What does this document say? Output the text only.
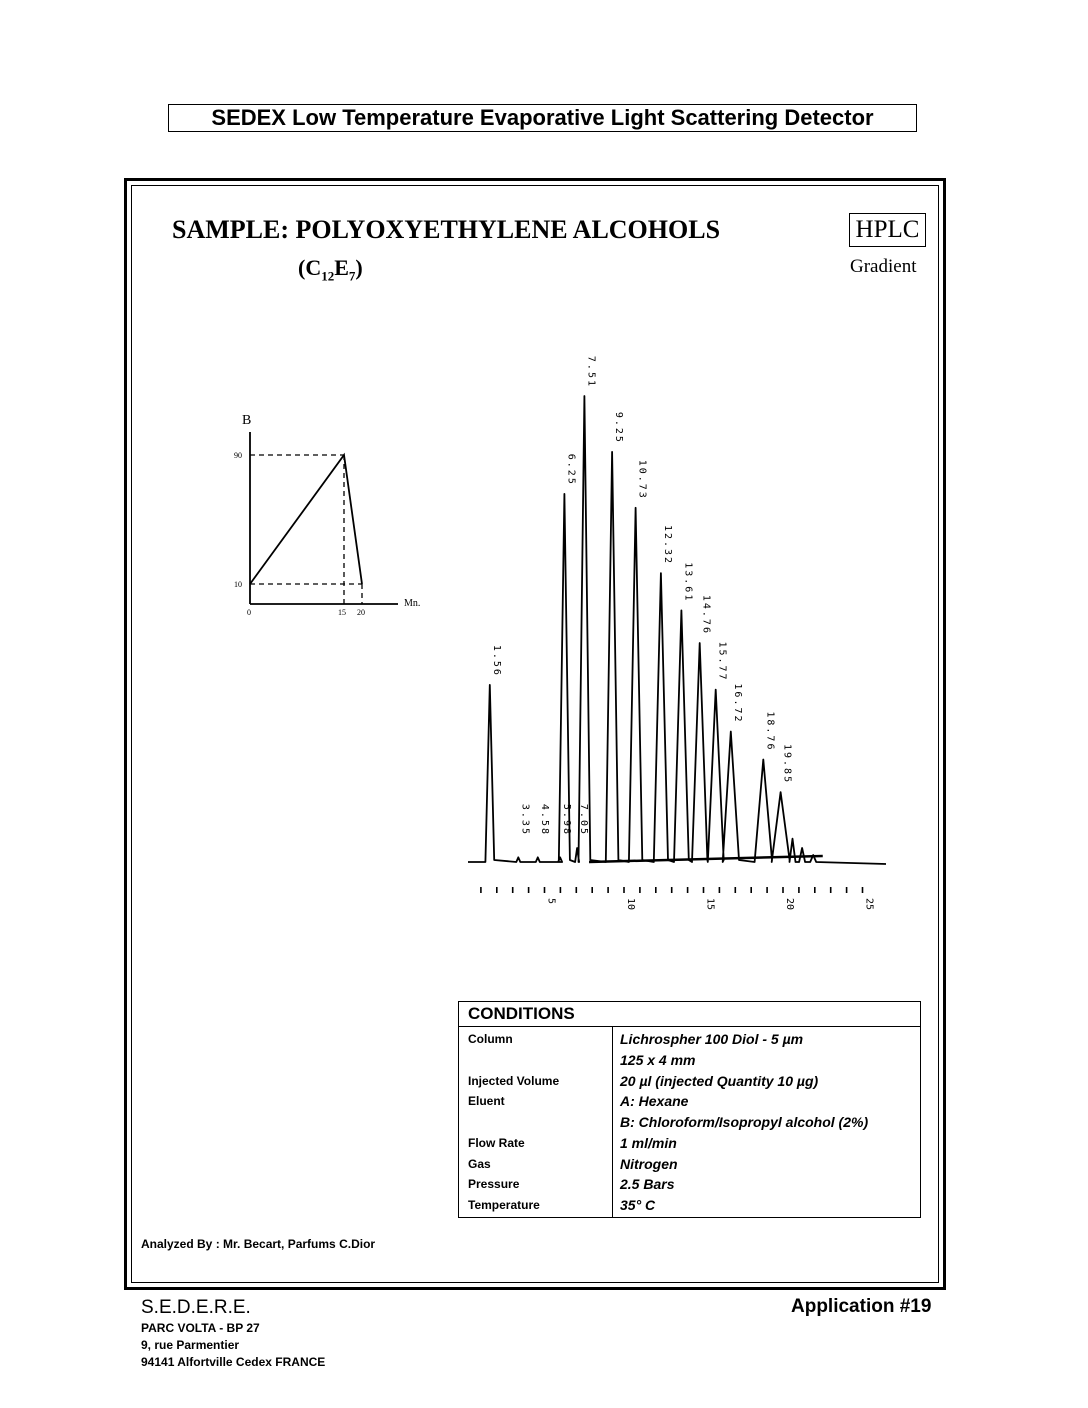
SEDEX Low Temperature Evaporative Light Scattering Detector
SAMPLE: POLYOXYETHYLENE ALCOHOLS
$(C_{12}E_7)$
HPLC
Gradient
B
90
10
0	15 20
Mn.
1.56
3.35 4.58 5.98
6.25
7.05
7.51
9.25
10.73
12.32
13.61
14.76
15.77
16.72
18.76
19.85
5	10	15	20	25
CONDITIONS
Column	Lichrospher 100 Diol - 5 µm
125 x 4 mm
Injected Volume	20 µl (injected Quantity 10 µg)
Eluent	A: Hexane
B: Chloroform/Isopropyl alcohol (2%)
Flow Rate	1 ml/min
Gas	Nitrogen
Pressure	2.5 Bars
Temperature	35° C
Analyzed By : Mr. Becart, Parfums C.Dior
S.E.D.E.R.E.
PARC VOLTA - BP 27
9, rue Parmentier
94141 Alfortville Cedex FRANCE
Application #19
